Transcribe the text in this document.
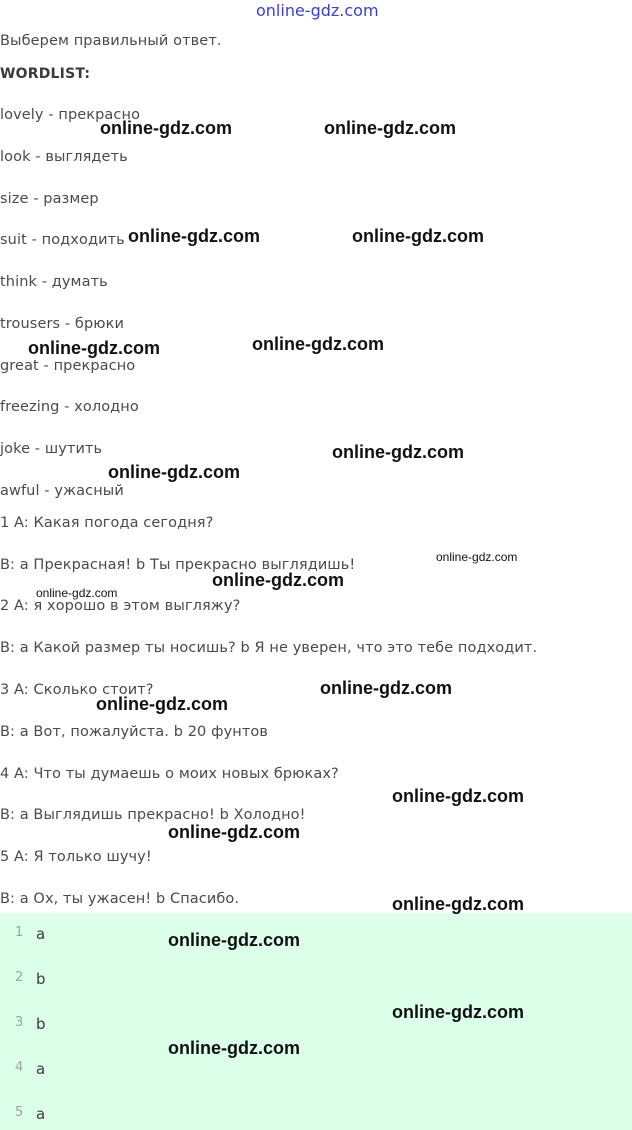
online-gdz.com
Выберем правильный ответ.
WORDLIST:
lovely - прекрасно
look - выглядеть
size - размер
suit - подходить
think - думать
trousers - брюки
great - прекрасно
freezing - холодно
joke - шутить
awful - ужасный
1 A: Какая погода сегодня?
B: a Прекрасная! b Ты прекрасно выглядишь!
2 A: я хорошо в этом выгляжу?
B: a Какой размер ты носишь? b Я не уверен, что это тебе подходит.
3 A: Сколько стоит?
B: a Вот, пожалуйста. b 20 фунтов
4 A: Что ты думаешь о моих новых брюках?
B: a Выглядишь прекрасно! b Холодно!
5 A: Я только шучу!
B: a Ох, ты ужасен! b Спасибо.
1 a
2 b
3 b
4 a
5 a
online-gdz.com	online-gdz.com
online-gdz.com	online-gdz.com
online-gdz.com	online-gdz.com
online-gdz.com
online-gdz.com
online-gdz.com
online-gdz.com
online-gdz.com
online-gdz.com
online-gdz.com
online-gdz.com
online-gdz.com
online-gdz.com
online-gdz.com
online-gdz.com
online-gdz.com
